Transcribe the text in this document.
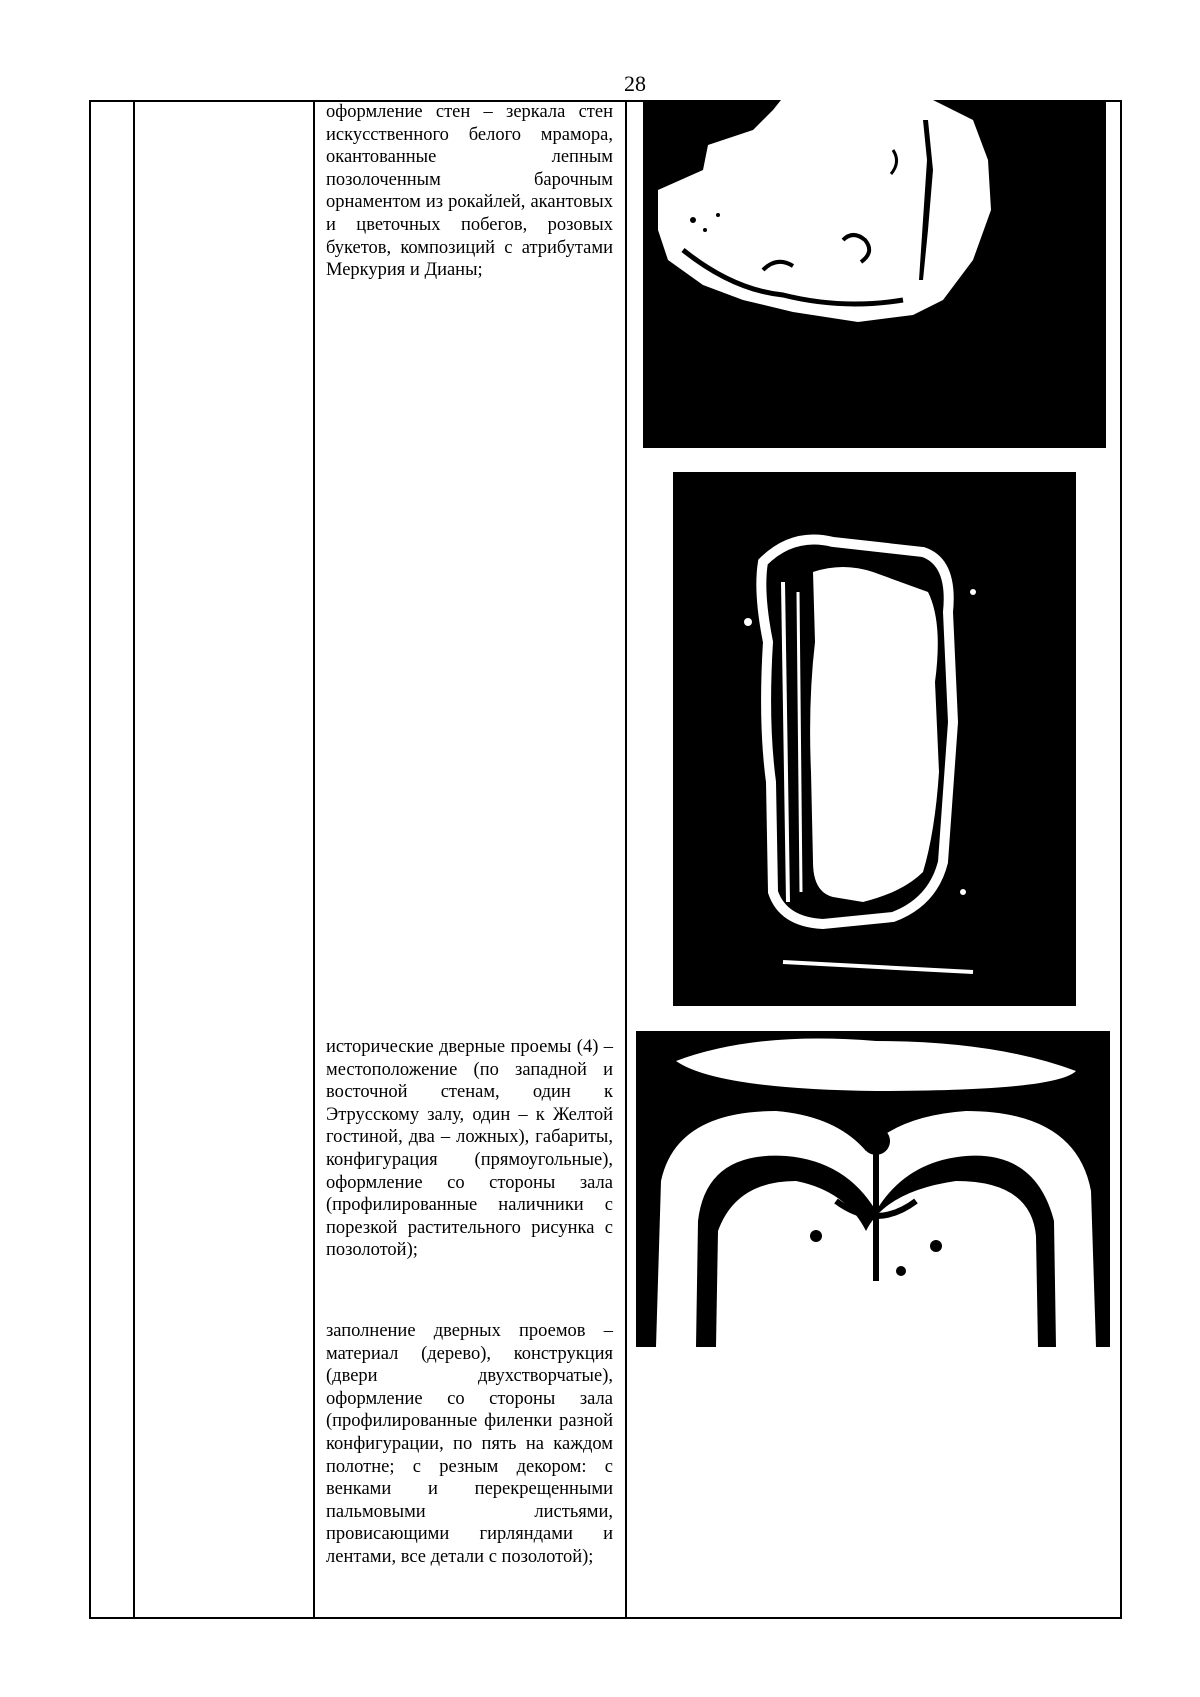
28

оформление стен – зеркала стен искусственного белого мрамора, окантованные лепным позолоченным барочным орнаментом из рокайлей, акантовых и цветочных побегов, розовых букетов, композиций с атрибутами Меркурия и Дианы;

исторические дверные проемы (4) – местоположение (по западной и восточной стенам, один к Этрусскому залу, один – к Желтой гостиной, два – ложных), габариты, конфигурация (прямоугольные), оформление со стороны зала (профилированные наличники с порезкой растительного рисунка с позолотой);

заполнение дверных проемов – материал (дерево), конструкция (двери двухстворчатые), оформление со стороны зала (профилированные филенки разной конфигурации, по пять на каждом полотне; с резным декором: с венками и перекрещенными пальмовыми листьями, провисающими гирляндами и лентами, все детали с позолотой);
